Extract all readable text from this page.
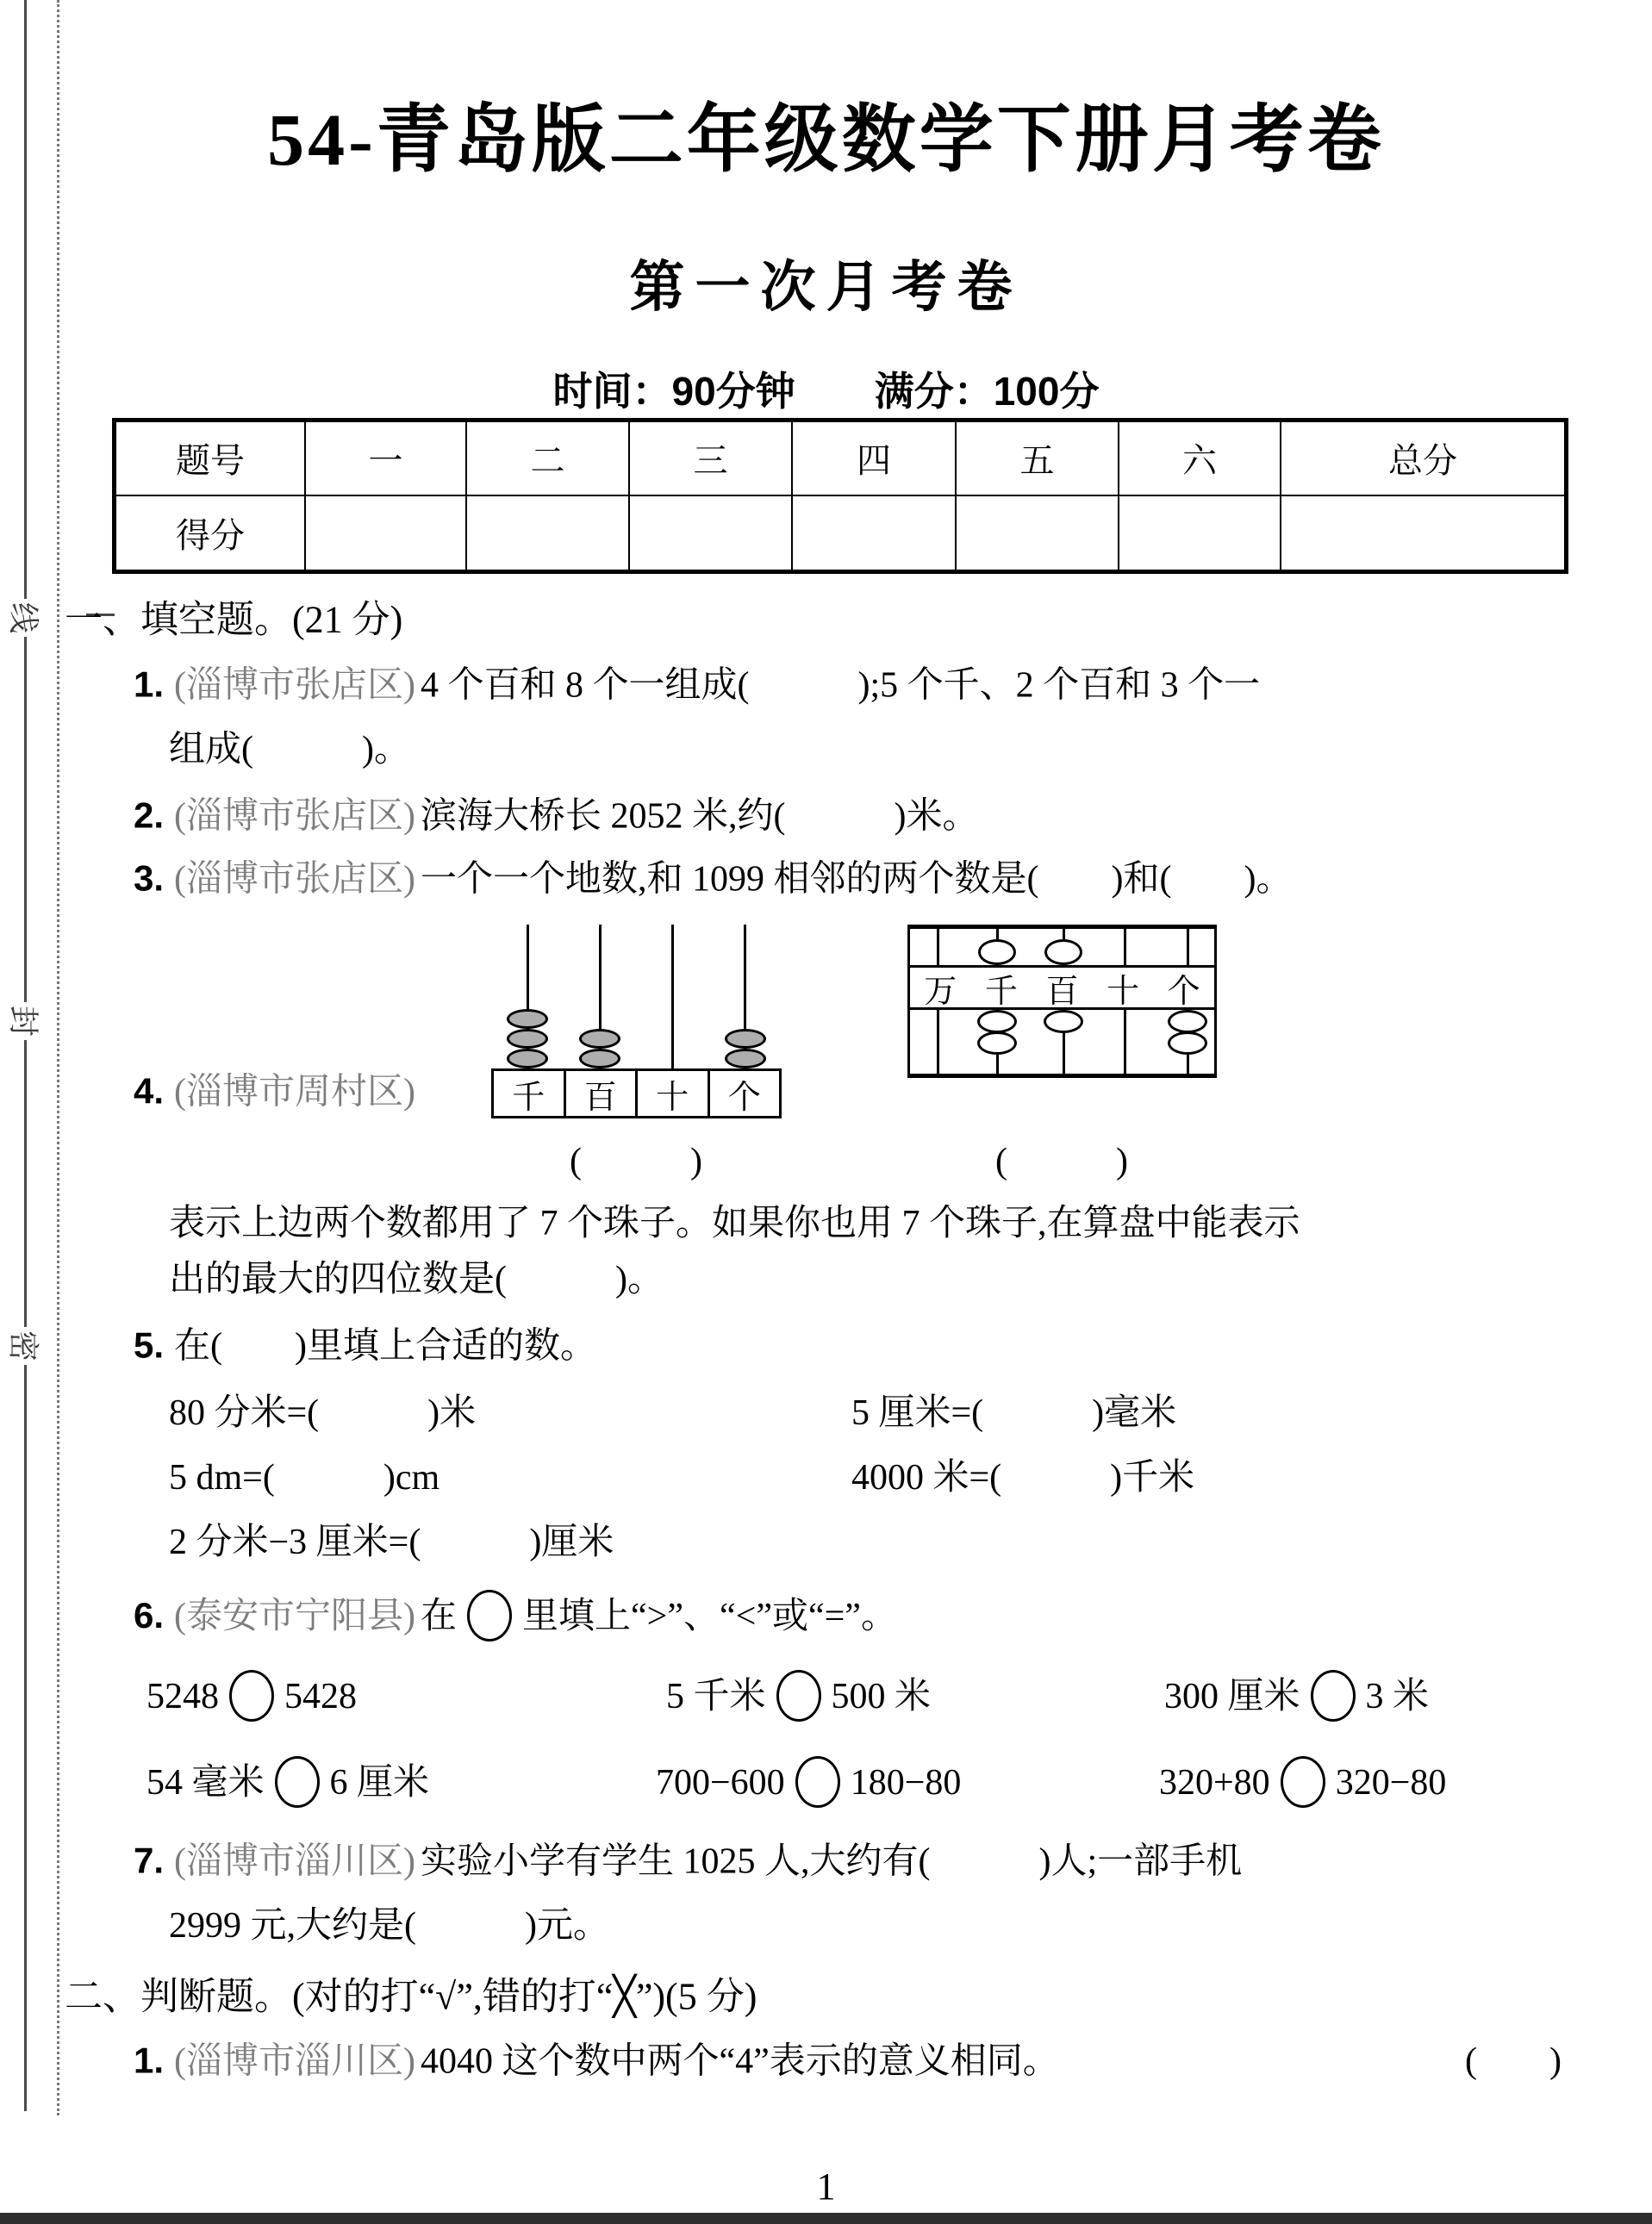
54-青岛版二年级数学下册月考卷
第一次月考卷
时间：90分钟　　满分：100分
题号	一	二	三	四	五	六	总分
得分							
千	百	十	个
万 千 百 十 个
一、填空题。(21 分)
1. (淄博市张店区) 4 个百和 8 个一组成(　　　);5 个千、2 个百和 3 个一
组成(　　　)。
2. (淄博市张店区) 滨海大桥长 2052 米,约(　　　)米。
3. (淄博市张店区) 一个一个地数,和 1099 相邻的两个数是(　　)和(　　)。
4. (淄博市周村区)
(　　　)	(　　　)
表示上边两个数都用了 7 个珠子。如果你也用 7 个珠子,在算盘中能表示
出的最大的四位数是(　　　)。
5. 在(　　)里填上合适的数。
80 分米=(　　　)米	5 厘米=(　　　)毫米
5 dm=(　　　)cm	4000 米=(　　　)千米
2 分米−3 厘米=(　　　)厘米
6. (泰安市宁阳县) 在 里填上“>”、“<”或“=”。
5248 5428	5 千米 500 米	300 厘米 3 米
54 毫米 6 厘米	700−600 180−80	320+80 320−80
7. (淄博市淄川区) 实验小学有学生 1025 人,大约有(　　　)人;一部手机
2999 元,大约是(　　　)元。
二、判断题。(对的打“√”,错的打“╳”)(5 分)
1. (淄博市淄川区) 4040 这个数中两个“4”表示的意义相同。	(　　)
1
线
封
密
